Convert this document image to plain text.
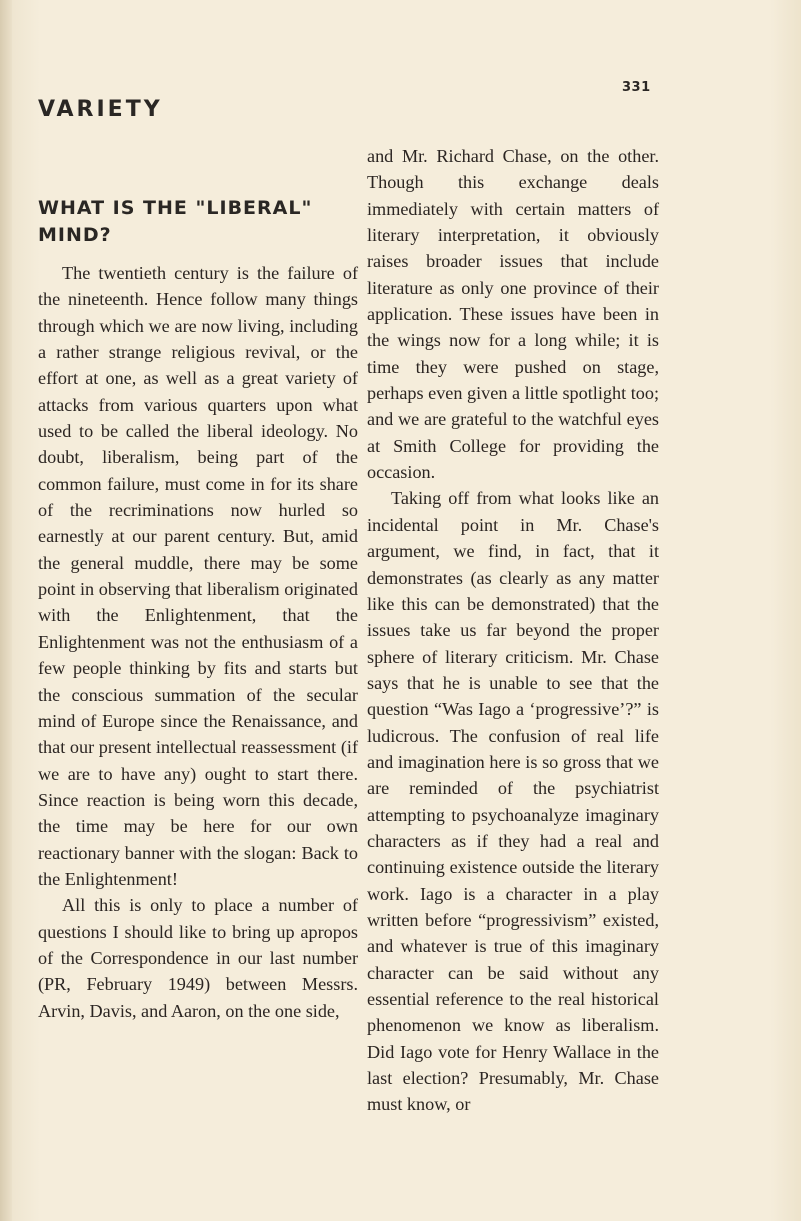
331
VARIETY
WHAT IS THE "LIBERAL" MIND?

The twentieth century is the failure of the nineteenth. Hence follow many things through which we are now living, including a rather strange religious revival, or the effort at one, as well as a great variety of attacks from various quarters upon what used to be called the liberal ideology. No doubt, liberalism, being part of the common failure, must come in for its share of the recriminations now hurled so earnestly at our parent century. But, amid the general muddle, there may be some point in observing that liberalism originated with the Enlightenment, that the Enlightenment was not the enthusiasm of a few people thinking by fits and starts but the conscious summation of the secular mind of Europe since the Renaissance, and that our present intellectual reassessment (if we are to have any) ought to start there. Since reaction is being worn this decade, the time may be here for our own reactionary banner with the slogan: Back to the Enlightenment!

All this is only to place a number of questions I should like to bring up apropos of the Correspondence in our last number (PR, February 1949) between Messrs. Arvin, Davis, and Aaron, on the one side,

and Mr. Richard Chase, on the other. Though this exchange deals immediately with certain matters of literary interpretation, it obviously raises broader issues that include literature as only one province of their application. These issues have been in the wings now for a long while; it is time they were pushed on stage, perhaps even given a little spotlight too; and we are grateful to the watchful eyes at Smith College for providing the occasion.

Taking off from what looks like an incidental point in Mr. Chase's argument, we find, in fact, that it demonstrates (as clearly as any matter like this can be demonstrated) that the issues take us far beyond the proper sphere of literary criticism. Mr. Chase says that he is unable to see that the question “Was Iago a ‘progressive’?” is ludicrous. The confusion of real life and imagination here is so gross that we are reminded of the psychiatrist attempting to psychoanalyze imaginary characters as if they had a real and continuing existence outside the literary work. Iago is a character in a play written before “progressivism” existed, and whatever is true of this imaginary character can be said without any essential reference to the real historical phenomenon we know as liberalism. Did Iago vote for Henry Wallace in the last election? Presumably, Mr. Chase must know, or
